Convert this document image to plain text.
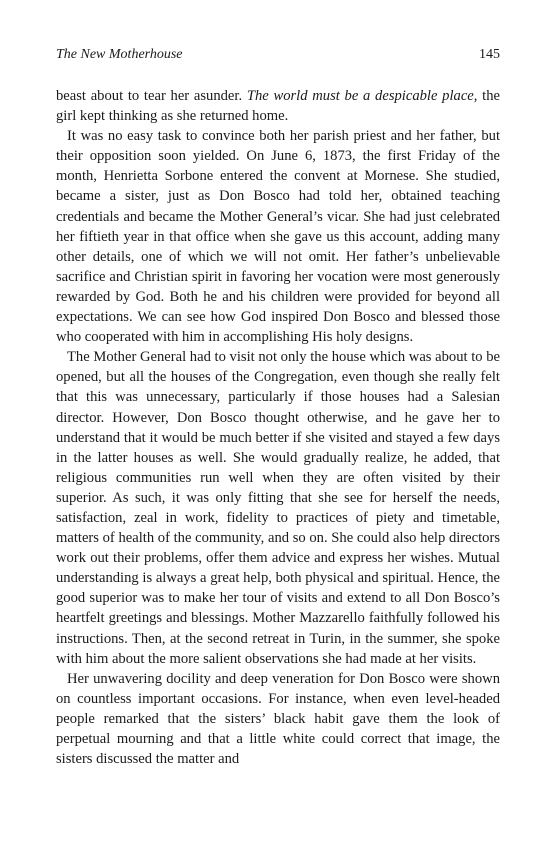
The New Motherhouse	145

beast about to tear her asunder. The world must be a despicable place, the girl kept thinking as she returned home.

It was no easy task to convince both her parish priest and her father, but their opposition soon yielded. On June 6, 1873, the first Friday of the month, Henrietta Sorbone entered the convent at Mornese. She studied, became a sister, just as Don Bosco had told her, obtained teaching credentials and became the Mother General’s vicar. She had just celebrated her fiftieth year in that office when she gave us this account, adding many other details, one of which we will not omit. Her father’s unbelievable sacrifice and Christian spirit in favoring her vocation were most generously rewarded by God. Both he and his children were provided for beyond all expectations. We can see how God inspired Don Bosco and blessed those who cooperated with him in accomplishing His holy designs.

The Mother General had to visit not only the house which was about to be opened, but all the houses of the Congregation, even though she really felt that this was unnecessary, particularly if those houses had a Salesian director. However, Don Bosco thought otherwise, and he gave her to understand that it would be much better if she visited and stayed a few days in the latter houses as well. She would gradually realize, he added, that religious communities run well when they are often visited by their superior. As such, it was only fitting that she see for herself the needs, satisfaction, zeal in work, fidelity to practices of piety and timetable, matters of health of the community, and so on. She could also help directors work out their problems, offer them advice and express her wishes. Mutual understanding is always a great help, both physical and spiritual. Hence, the good superior was to make her tour of visits and extend to all Don Bosco’s heartfelt greetings and blessings. Mother Mazzarello faithfully followed his instructions. Then, at the second retreat in Turin, in the summer, she spoke with him about the more salient observations she had made at her visits.

Her unwavering docility and deep veneration for Don Bosco were shown on countless important occasions. For instance, when even level-headed people remarked that the sisters’ black habit gave them the look of perpetual mourning and that a little white could correct that image, the sisters discussed the matter and
